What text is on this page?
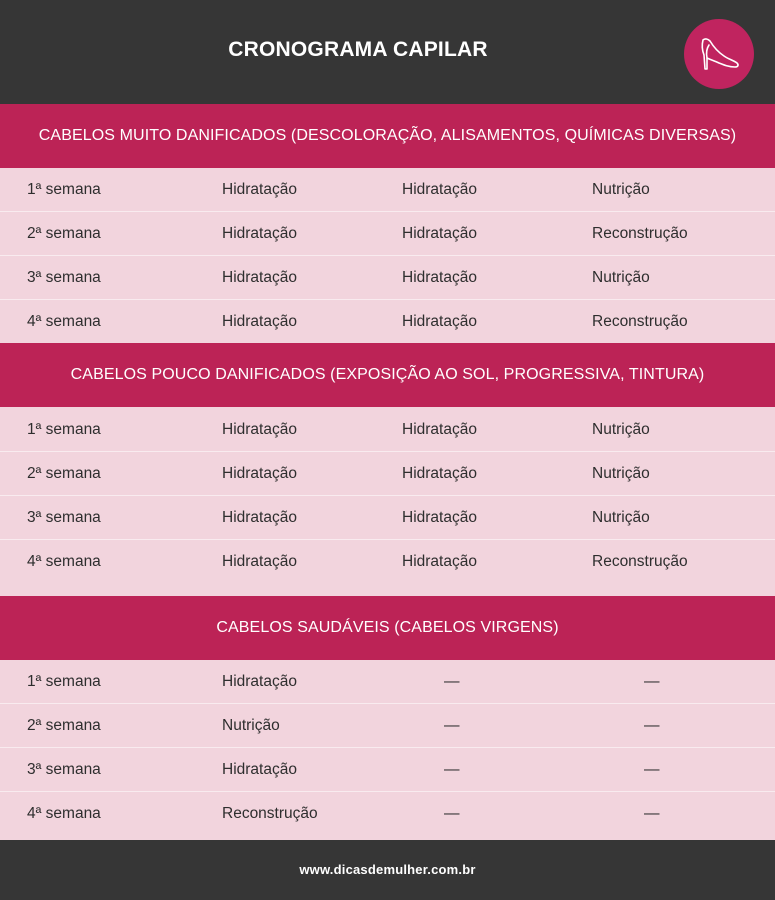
CRONOGRAMA CAPILAR
CABELOS MUITO DANIFICADOS (DESCOLORAÇÃO, ALISAMENTOS, QUÍMICAS DIVERSAS)
1ª semana	Hidratação	Hidratação	Nutrição
2ª semana	Hidratação	Hidratação	Reconstrução
3ª semana	Hidratação	Hidratação	Nutrição
4ª semana	Hidratação	Hidratação	Reconstrução
CABELOS POUCO DANIFICADOS (EXPOSIÇÃO AO SOL, PROGRESSIVA, TINTURA)
1ª semana	Hidratação	Hidratação	Nutrição
2ª semana	Hidratação	Hidratação	Nutrição
3ª semana	Hidratação	Hidratação	Nutrição
4ª semana	Hidratação	Hidratação	Reconstrução
CABELOS SAUDÁVEIS (CABELOS VIRGENS)
1ª semana	Hidratação	—	—
2ª semana	Nutrição	—	—
3ª semana	Hidratação	—	—
4ª semana	Reconstrução	—	—
www.dicasdemulher.com.br
